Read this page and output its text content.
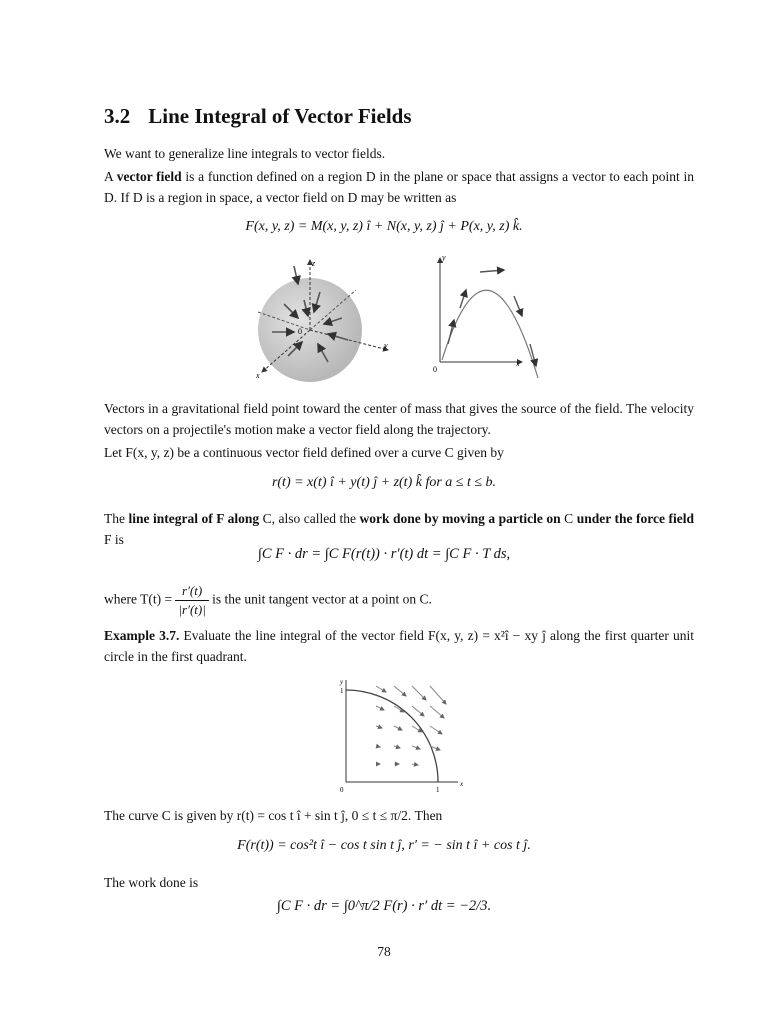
3.2 Line Integral of Vector Fields
We want to generalize line integrals to vector fields.
A vector field is a function defined on a region D in the plane or space that assigns a vector to each point in D. If D is a region in space, a vector field on D may be written as
F(x, y, z) = M(x, y, z) î + N(x, y, z) ĵ + P(x, y, z) k̂.
z
y
x
0
y
x
0
Vectors in a gravitational field point toward the center of mass that gives the source of the field. The velocity vectors on a projectile's motion make a vector field along the trajectory.
Let F(x, y, z) be a continuous vector field defined over a curve C given by
r(t) = x(t) î + y(t) ĵ + z(t) k̂ for a ≤ t ≤ b.
The line integral of F along C, also called the work done by moving a particle on C under the force field F is
∫C F · dr = ∫C F(r(t)) · r′(t) dt = ∫C F · T ds,
where $T(t) = \frac{r'(t)}{|r'(t)|}$ is the unit tangent vector at a point on C.
Example 3.7. Evaluate the line integral of the vector field F(x, y, z) = x²î − xy ĵ along the first quarter unit circle in the first quadrant.
y
x
0
1
1
The curve C is given by r(t) = cos t î + sin t ĵ, 0 ≤ t ≤ π/2. Then
F(r(t)) = cos²t î − cos t sin t ĵ, r′ = − sin t î + cos t ĵ.
The work done is
∫C F · dr = ∫0^π/2 F(r) · r′ dt = −2/3.
78
